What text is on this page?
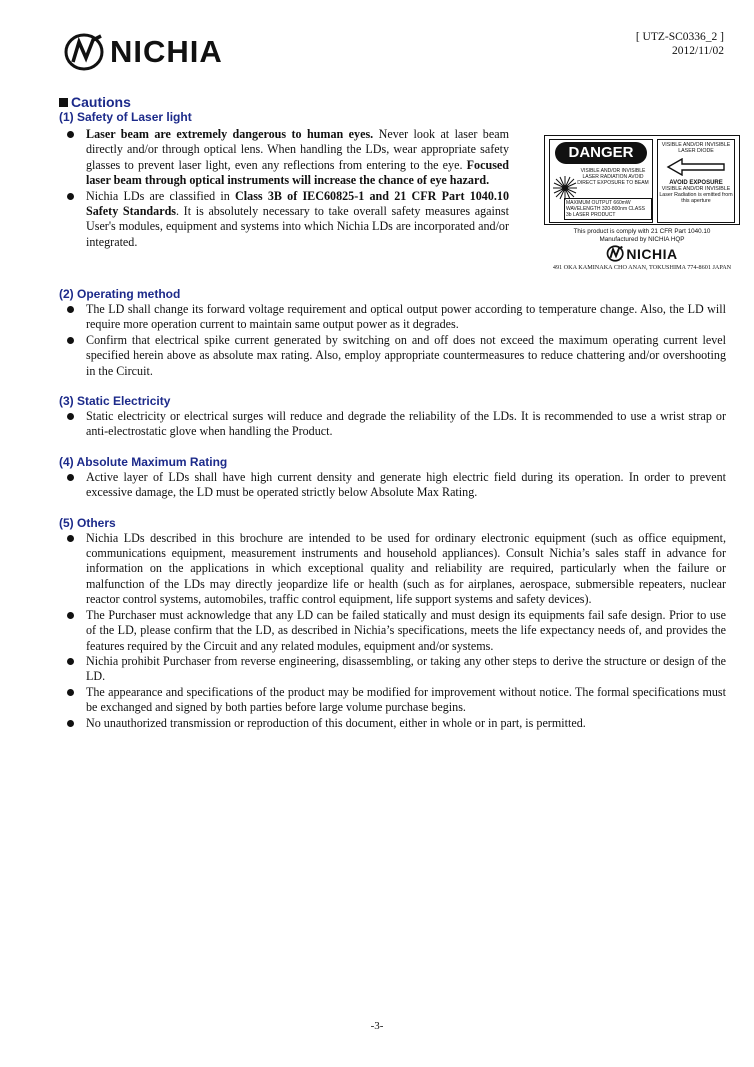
NICHIA	[ UTZ-SC0336_2 ]
2012/11/02
Cautions
(1) Safety of Laser light
Laser beam are extremely dangerous to human eyes. Never look at laser beam directly and/or through optical lens. When handling the LDs, wear appropriate safety glasses to prevent laser light, even any reflections from entering to the eye. Focused laser beam through optical instruments will increase the chance of eye hazard.
Nichia LDs are classified in Class 3B of IEC60825-1 and 21 CFR Part 1040.10 Safety Standards. It is absolutely necessary to take overall safety measures against User's modules, equipment and systems into which Nichia LDs are incorporated and/or integrated.
DANGER
VISIBLE AND/OR INVISIBLE LASER RADIATION AVOID DIRECT EXPOSURE TO BEAM
MAXIMUM OUTPUT 660mW WAVELENGTH 320-800nm CLASS 3b LASER PRODUCT
VISIBLE AND/OR INVISIBLE LASER DIODE
AVOID EXPOSURE
VISIBLE AND/OR INVISIBLE Laser Radiation is emitted from this aperture
This product is comply with 21 CFR Part 1040.10
Manufactured by NICHIA HQP
NICHIA
491 OKA KAMINAKA CHO ANAN, TOKUSHIMA 774-8601 JAPAN
(2) Operating method
The LD shall change its forward voltage requirement and optical output power according to temperature change. Also, the LD will require more operation current to maintain same output power as it degrades.
Confirm that electrical spike current generated by switching on and off does not exceed the maximum operating current level specified herein above as absolute max rating. Also, employ appropriate countermeasures to reduce chattering and/or overshooting in the Circuit.
(3) Static Electricity
Static electricity or electrical surges will reduce and degrade the reliability of the LDs. It is recommended to use a wrist strap or anti-electrostatic glove when handling the Product.
(4) Absolute Maximum Rating
Active layer of LDs shall have high current density and generate high electric field during its operation. In order to prevent excessive damage, the LD must be operated strictly below Absolute Max Rating.
(5) Others
Nichia LDs described in this brochure are intended to be used for ordinary electronic equipment (such as office equipment, communications equipment, measurement instruments and household appliances). Consult Nichia’s sales staff in advance for information on the applications in which exceptional quality and reliability are required, particularly when the failure or malfunction of the LDs may directly jeopardize life or health (such as for airplanes, aerospace, submersible repeaters, nuclear reactor control systems, automobiles, traffic control equipment, life support systems and safety devices).
The Purchaser must acknowledge that any LD can be failed statically and must design its equipments fail safe design. Prior to use of the LD, please confirm that the LD, as described in Nichia’s specifications, meets the life expectancy needs of, and provides the features required by the Circuit and any related modules, equipment and/or systems.
Nichia prohibit Purchaser from reverse engineering, disassembling, or taking any other steps to derive the structure or design of the LD.
The appearance and specifications of the product may be modified for improvement without notice. The formal specifications must be exchanged and signed by both parties before large volume purchase begins.
No unauthorized transmission or reproduction of this document, either in whole or in part, is permitted.
-3-
